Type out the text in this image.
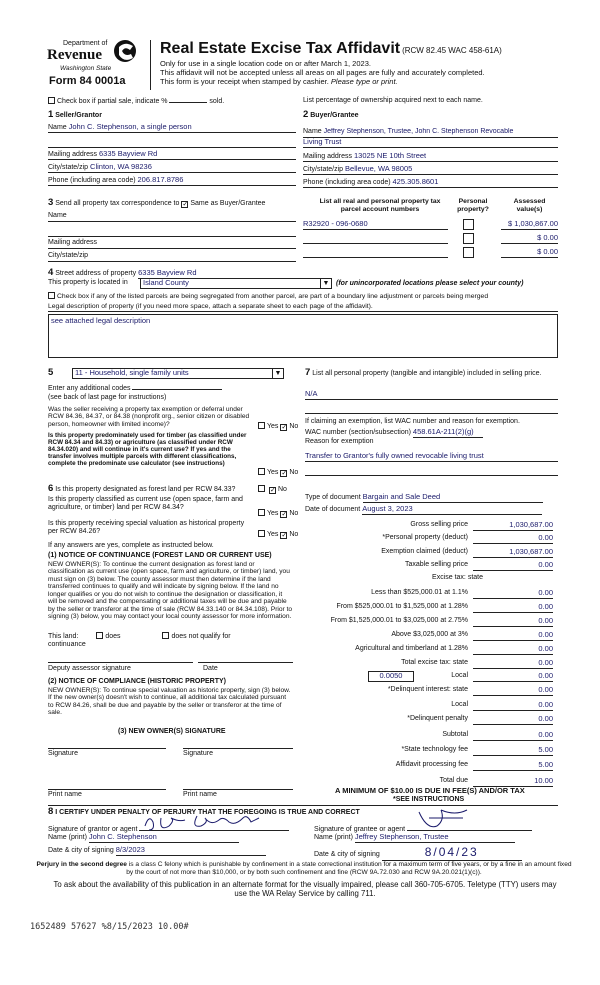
Department of
Revenue
Washington State
Form 84 0001a
Real Estate Excise Tax Affidavit (RCW 82.45 WAC 458-61A)
Only for use in a single location code on or after March 1, 2023.
This affidavit will not be accepted unless all areas on all pages are fully and accurately completed.
This form is your receipt when stamped by cashier. Please type or print.
Check box if partial sale, indicate %	sold.	List percentage of ownership acquired next to each name.
1 Seller/Grantor
Name John C. Stephenson, a single person
Mailing address 6335 Bayview Rd
City/state/zip Clinton, WA 98236
Phone (including area code) 206.817.8786
2 Buyer/Grantee
Name Jeffrey Stephenson, Trustee, John C. Stephenson Revocable
Living Trust
Mailing address 13025 NE 10th Street
City/state/zip Bellevue, WA 98005
Phone (including area code) 425.305.8601
3 Send all property tax correspondence to ✓ Same as Buyer/Grantee
Name
Mailing address
City/state/zip
List all real and personal property tax parcel account numbers
Personal property?
Assessed value(s)
R32920 - 096-0680	$ 1,030,867.00
$ 0.00
$ 0.00
4 Street address of property 6335 Bayview Rd
This property is located in	Island County	▼ (for unincorporated locations please select your county)
Check box if any of the listed parcels are being segregated from another parcel, are part of a boundary line adjustment or parcels being merged
Legal description of property (if you need more space, attach a separate sheet to each page of the affidavit).
see attached legal description
5	11 - Household, single family units	▼
Enter any additional codes
(see back of last page for instructions)
Was the seller receiving a property tax exemption or deferral under RCW 84.36, 84.37, or 84.38 (nonprofit org., senior citizen or disabled person, homeowner with limited income)?	Yes ✓ No
Is this property predominately used for timber (as classified under RCW 84.34 and 84.33) or agriculture (as classified under RCW 84.34.020) and will continue in it's current use? If yes and the transfer involves multiple parcels with different classifications, complete the predominate use calculator (see instructions)
Yes ✓ No
7 List all personal property (tangible and intangible) included in selling price.
N/A
If claiming an exemption, list WAC number and reason for exemption.
WAC number (section/subsection) 458.61A-211(2)(g)
Reason for exemption
Transfer to Grantor's fully owned revocable living trust
6 Is this property designated as forest land per RCW 84.33? ✓	No
Is this property classified as current use (open space, farm and agriculture, or timber) land per RCW 84.34?
Yes ✓ No
Is this property receiving special valuation as historical property per RCW 84.26?	Yes ✓ No
If any answers are yes, complete as instructed below.
(1) NOTICE OF CONTINUANCE (FOREST LAND OR CURRENT USE)
NEW OWNER(S): To continue the current designation as forest land or classification as current use (open space, farm and agriculture, or timber) land, you must sign on (3) below. The county assessor must then determine if the land transferred continues to qualify and will indicate by signing below. If the land no longer qualifies or you do not wish to continue the designation or classification, it will be removed and the compensating or additional taxes will be due and payable by the seller or transferor at the time of sale (RCW 84.33.140 or 84.34.108). Prior to signing (3) below, you may contact your local county assessor for more information.
This land:	does	does not qualify for
continuance
Deputy assessor signature	Date
(2) NOTICE OF COMPLIANCE (HISTORIC PROPERTY)
NEW OWNER(S): To continue special valuation as historic property, sign (3) below. If the new owner(s) doesn't wish to continue, all additional tax calculated pursuant to RCW 84.26, shall be due and payable by the seller or transferor at the time of sale.
(3) NEW OWNER(S) SIGNATURE
Signature	Signature
Print name	Print name
Type of document Bargain and Sale Deed
Date of document August 3, 2023
Gross selling price	1,030,687.00
*Personal property (deduct)	0.00
Exemption claimed (deduct)	1,030,687.00
Taxable selling price	0.00
Excise tax: state
Less than $525,000.01 at 1.1%	0.00
From $525,000.01 to $1,525,000 at 1.28%	0.00
From $1,525,000.01 to $3,025,000 at 2.75%	0.00
Above $3,025,000 at 3%	0.00
Agricultural and timberland at 1.28%	0.00
Total excise tax: state	0.00
0.0050	Local	0.00
*Delinquent interest: state	0.00
Local	0.00
*Delinquent penalty	0.00
Subtotal	0.00
*State technology fee	5.00
Affidavit processing fee	5.00
Total due	10.00
A MINIMUM OF $10.00 IS DUE IN FEE(S) AND/OR TAX
*SEE INSTRUCTIONS
8 I CERTIFY UNDER PENALTY OF PERJURY THAT THE FOREGOING IS TRUE AND CORRECT
Signature of grantor or agent	John C Stephenson
Name (print) John C. Stephenson
Date & city of signing 8/3/2023
Signature of grantee or agent
Name (print) Jeffrey Stephenson, Trustee
Date & city of signing	8/04/23
Perjury in the second degree is a class C felony which is punishable by confinement in a state correctional institution for a maximum term of five years, or by a fine in an amount fixed by the court of not more than $10,000, or by both such confinement and fine (RCW 9A.72.030 and RCW 9A.20.021(1)(c)).
To ask about the availability of this publication in an alternate format for the visually impaired, please call 360-705-6705. Teletype (TTY) users may use the WA Relay Service by calling 711.
1652489 57627 %8/15/2023 10.00#
